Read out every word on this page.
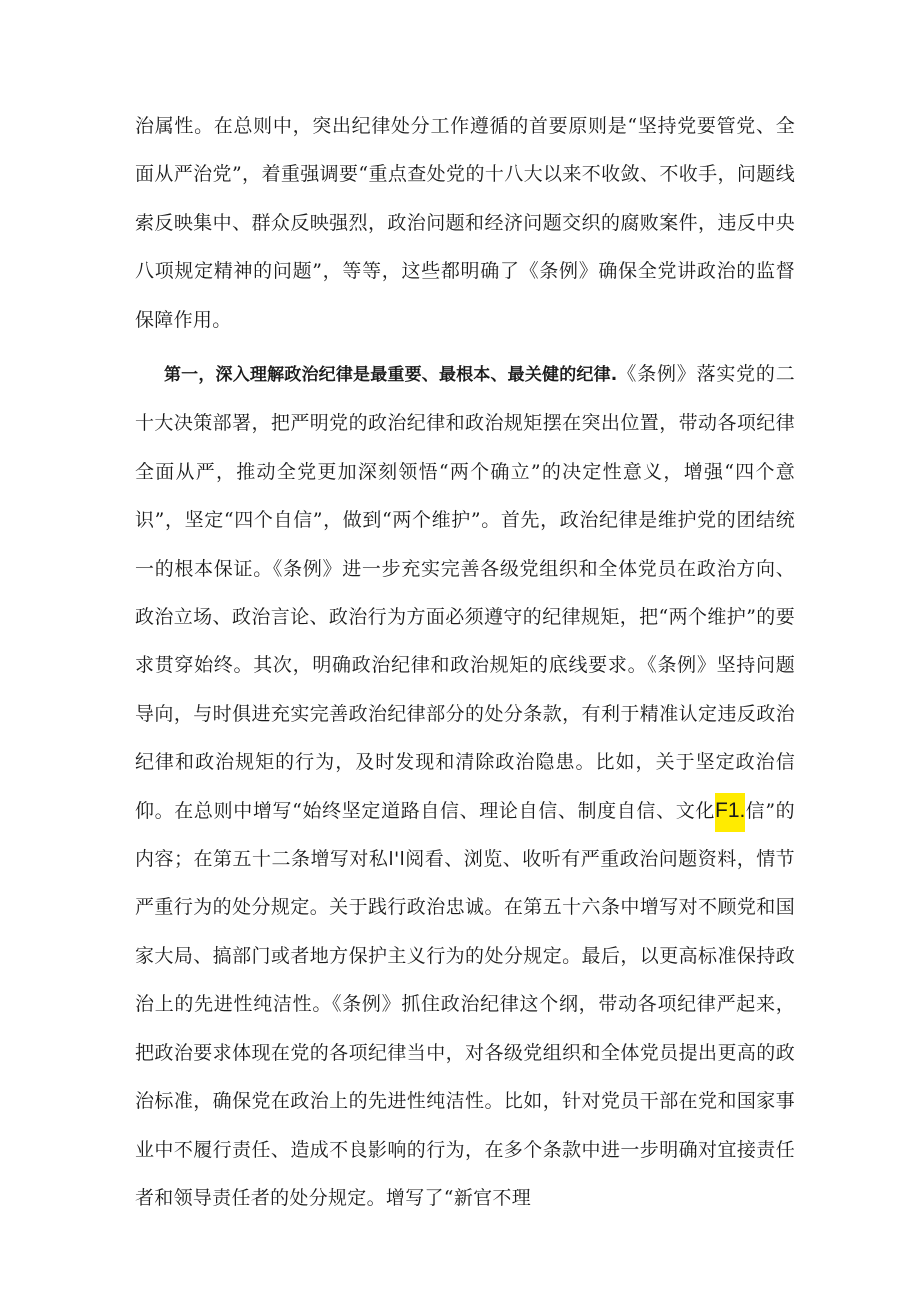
治属性。在总则中，突出纪律处分工作遵循的首要原则是“坚持党要管党、全面从严治党”，着重强调要“重点查处党的十八大以来不收敛、不收手，问题线索反映集中、群众反映强烈，政治问题和经济问题交织的腐败案件，违反中央八项规定精神的问题”，等等，这些都明确了《条例》确保全党讲政治的监督保障作用。

第一，深入理解政治纪律是最重要、最根本、最关健的纪律.《条例》落实党的二十大决策部署，把严明党的政治纪律和政治规矩摆在突出位置，带动各项纪律全面从严，推动全党更加深刻领悟“两个确立”的决定性意义，增强“四个意识”，坚定“四个自信”，做到“两个维护”。首先，政治纪律是维护党的团结统一的根本保证。《条例》进一步充实完善各级党组织和全体党员在政治方向、政治立场、政治言论、政治行为方面必须遵守的纪律规矩，把“两个维护”的要求贯穿始终。其次，明确政治纪律和政治规矩的底线要求。《条例》坚持问题导向，与时俱进充实完善政治纪律部分的处分条款，有利于精准认定违反政治纪律和政治规矩的行为，及时发现和清除政治隐患。比如，关于坚定政治信仰。在总则中增写“始终坚定道路自信、理论自信、制度自信、文化F1.信”的内容；在第五十二条增写对私l'l阅看、浏览、收听有严重政治问题资料，情节严重行为的处分规定。关于践行政治忠诚。在第五十六条中增写对不顾党和国家大局、搞部门或者地方保护主义行为的处分规定。最后，以更高标准保持政治上的先进性纯洁性。《条例》抓住政治纪律这个纲，带动各项纪律严起来，把政治要求体现在党的各项纪律当中，对各级党组织和全体党员提出更高的政治标准，确保党在政治上的先进性纯洁性。比如，针对党员干部在党和国家事业中不履行责任、造成不良影响的行为，在多个条款中进一步明确对宜接责任者和领导责任者的处分规定。增写了“新官不理
